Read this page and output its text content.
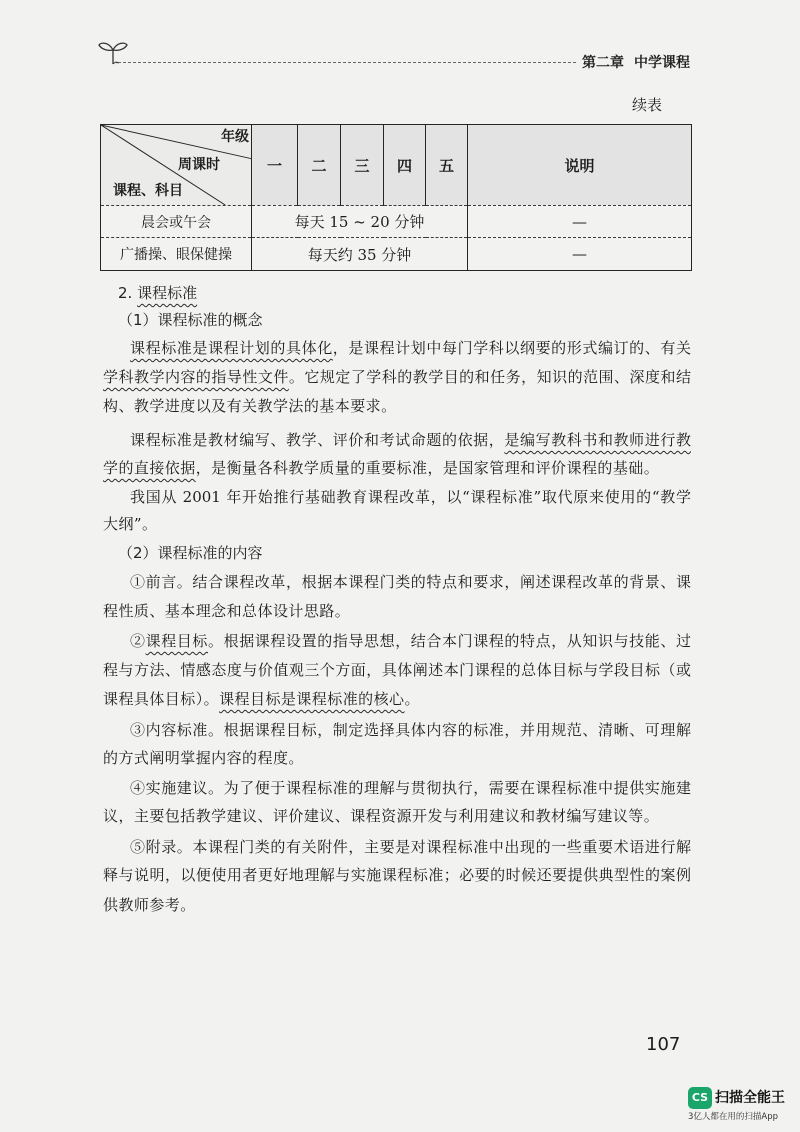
第二章 中学课程
续表
年级
周课时
课程、科目	一	二	三	四	五	说明
晨会或午会	每天 15 ~ 20 分钟					—
广播操、眼保健操	每天约 35 分钟					—
2. 课程标准
（1）课程标准的概念
课程标准是课程计划的具体化，是课程计划中每门学科以纲要的形式编订的、有关
学科教学内容的指导性文件。它规定了学科的教学目的和任务，知识的范围、深度和结
构、教学进度以及有关教学法的基本要求。
课程标准是教材编写、教学、评价和考试命题的依据，是编写教科书和教师进行教
学的直接依据，是衡量各科教学质量的重要标准，是国家管理和评价课程的基础。
我国从 2001 年开始推行基础教育课程改革，以“课程标准”取代原来使用的“教学
大纲”。
（2）课程标准的内容
①前言。结合课程改革，根据本课程门类的特点和要求，阐述课程改革的背景、课
程性质、基本理念和总体设计思路。
②课程目标。根据课程设置的指导思想，结合本门课程的特点，从知识与技能、过
程与方法、情感态度与价值观三个方面，具体阐述本门课程的总体目标与学段目标（或
课程具体目标）。课程目标是课程标准的核心。
③内容标准。根据课程目标，制定选择具体内容的标准，并用规范、清晰、可理解
的方式阐明掌握内容的程度。
④实施建议。为了便于课程标准的理解与贯彻执行，需要在课程标准中提供实施建
议，主要包括教学建议、评价建议、课程资源开发与利用建议和教材编写建议等。
⑤附录。本课程门类的有关附件，主要是对课程标准中出现的一些重要术语进行解
释与说明，以便使用者更好地理解与实施课程标准；必要的时候还要提供典型性的案例
供教师参考。
107
CS 扫描全能王
3亿人都在用的扫描App
